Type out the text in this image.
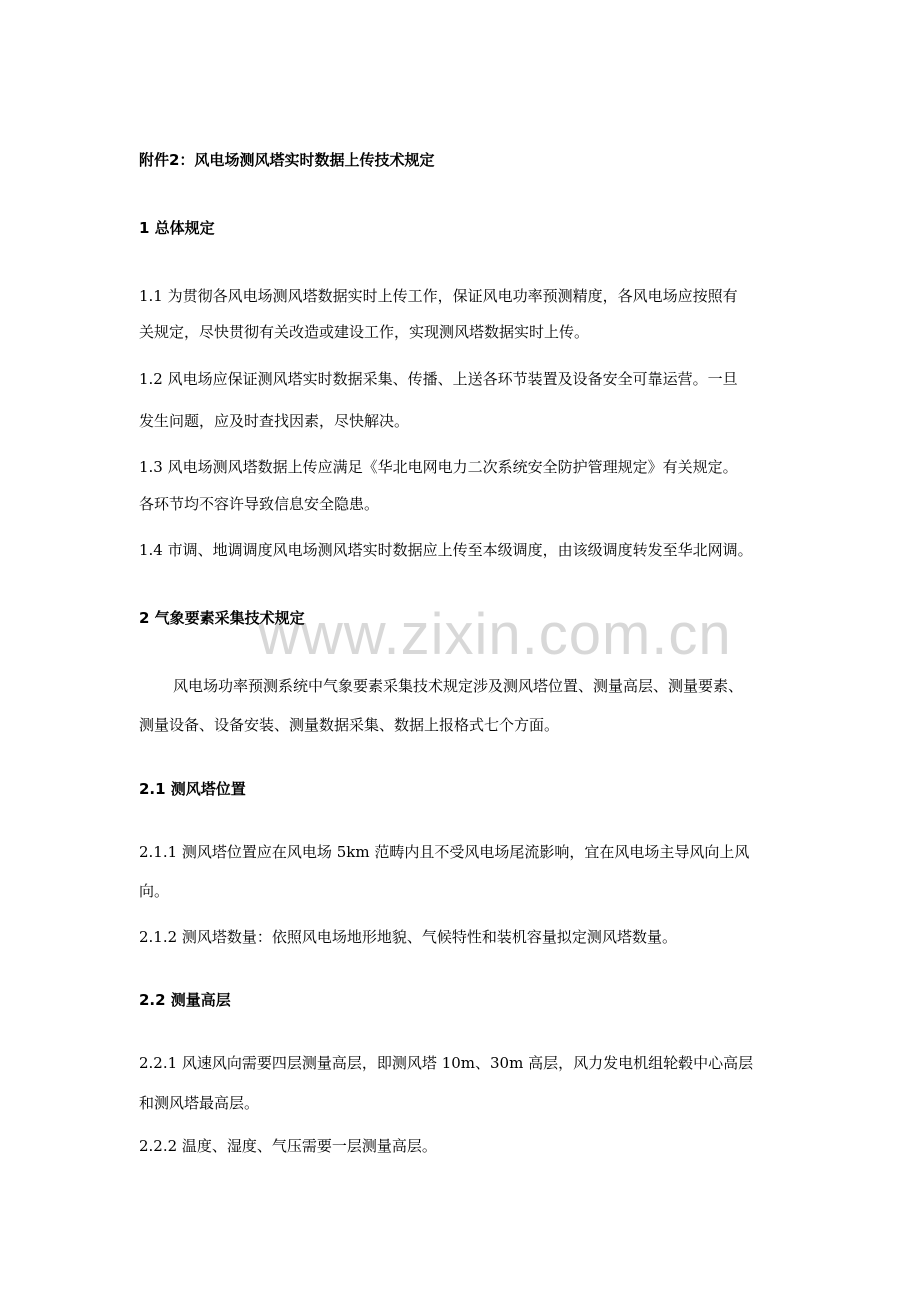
附件2：风电场测风塔实时数据上传技术规定
1 总体规定
1.1 为贯彻各风电场测风塔数据实时上传工作，保证风电功率预测精度，各风电场应按照有
关规定，尽快贯彻有关改造或建设工作，实现测风塔数据实时上传。
1.2 风电场应保证测风塔实时数据采集、传播、上送各环节装置及设备安全可靠运营。一旦
发生问题，应及时查找因素，尽快解决。
1.3 风电场测风塔数据上传应满足《华北电网电力二次系统安全防护管理规定》有关规定。
各环节均不容许导致信息安全隐患。
1.4 市调、地调调度风电场测风塔实时数据应上传至本级调度，由该级调度转发至华北网调。
www.zixin.com.cn
2 气象要素采集技术规定
风电场功率预测系统中气象要素采集技术规定涉及测风塔位置、测量高层、测量要素、
测量设备、设备安装、测量数据采集、数据上报格式七个方面。
2.1 测风塔位置
2.1.1 测风塔位置应在风电场 5km 范畴内且不受风电场尾流影响，宜在风电场主导风向上风
向。
2.1.2 测风塔数量：依照风电场地形地貌、气候特性和装机容量拟定测风塔数量。
2.2 测量高层
2.2.1 风速风向需要四层测量高层，即测风塔 10m、30m 高层，风力发电机组轮毂中心高层
和测风塔最高层。
2.2.2 温度、湿度、气压需要一层测量高层。
